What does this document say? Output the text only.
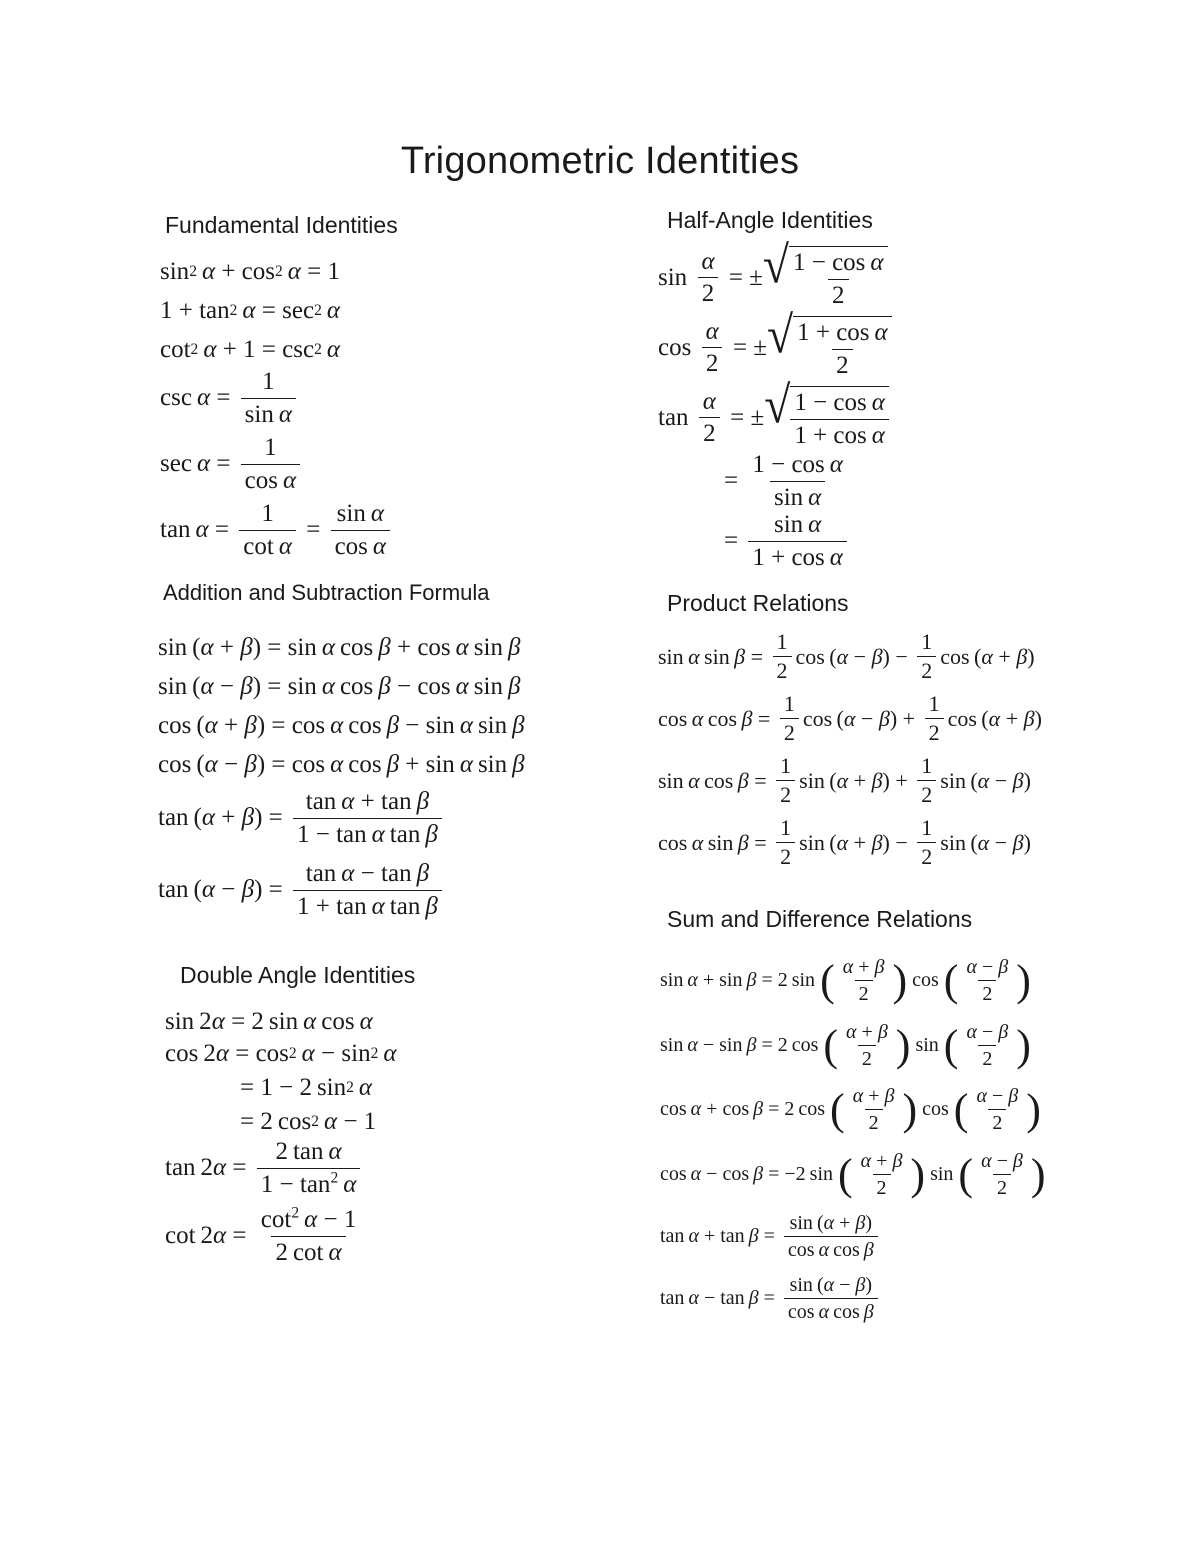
Trigonometric Identities
Fundamental Identities
sin 2
  α + cos 2
  α = 1
1 + tan 2
  α = sec 2
  α
cot 2
  α + 1 = csc 2
  α
$\csc \alpha = \frac{1}{\text{sin α}}$
$\sec \alpha = \frac{1}{\text{cos α}}$
$\tan \alpha = \frac{1}{\text{cot α}} = \frac{\text{sin α}}{\text{cos α}}$
Addition and Subtraction Formula
sin ( α + β ) = sin  α  cos  β + cos  α  sin  β
sin ( α − β ) = sin  α  cos  β − cos  α  sin  β
cos ( α + β ) = cos  α  cos  β − sin  α  sin  β
cos ( α − β ) = cos  α  cos  β + sin  α  sin  β
tan ( α + β ) = $\frac{\text{tan α + tan β}}{\text{1 − tan α tan β}}$
tan ( α − β ) = $\frac{\text{tan α − tan β}}{\text{1 + tan α tan β}}$
Double Angle Identities
sin 2 α = 2 sin  α  cos  α
cos 2 α = cos 2
  α − sin 2
  α
= 1 − 2 sin 2
  α
= 2 cos 2
  α − 1
tan 2 $\alpha = \frac{\text{2 tan α}}{1 - \tan^2 \alpha}$
cot 2 $\alpha = \frac{\cot^2 \alpha - 1}{\text{2 cot α}}$
Half-Angle Identities
$\sin \frac{\alpha}{2}$ = ± √ $\frac{\text{1 − cos α}}{2}$
$\cos \frac{\alpha}{2}$ = ± √ $\frac{\text{1 + cos α}}{2}$
$\tan \frac{\alpha}{2}$ = ± √ $\frac{\text{1 − cos α}}{\text{1 + cos α}}$
= $\frac{\text{1 − cos α}}{\text{sin α}}$
= $\frac{\text{sin α}}{\text{1 + cos α}}$
Product Relations
sin  α  $\sin \beta = \frac{1}{2}$ cos ( α − β ) − $\frac{1}{2}$ cos ( α + β )
cos  α  $\cos \beta = \frac{1}{2}$ cos ( α − β ) + $\frac{1}{2}$ cos ( α + β )
sin  α  $\cos \beta = \frac{1}{2}$ sin ( α + β ) + $\frac{1}{2}$ sin ( α − β )
cos  α  $\sin \beta = \frac{1}{2}$ sin ( α + β ) − $\frac{1}{2}$ sin ( α − β )
Sum and Difference Relations
sin  α + sin  β = 2 sin ( $\frac{\alpha + \beta}{2}$ ) cos ( $\frac{\alpha - \beta}{2}$ )
sin  α − sin  β = 2 cos ( $\frac{\alpha + \beta}{2}$ ) sin ( $\frac{\alpha - \beta}{2}$ )
cos  α + cos  β = 2 cos ( $\frac{\alpha + \beta}{2}$ ) cos ( $\frac{\alpha - \beta}{2}$ )
cos  α − cos  β = −2 sin ( $\frac{\alpha + \beta}{2}$ ) sin ( $\frac{\alpha - \beta}{2}$ )
$\tan \alpha + \tan \beta = \frac{\sin (\alpha + \beta)}{\text{cos α cos β}}$
$\tan \alpha - \tan \beta = \frac{\sin (\alpha - \beta)}{\text{cos α cos β}}$
